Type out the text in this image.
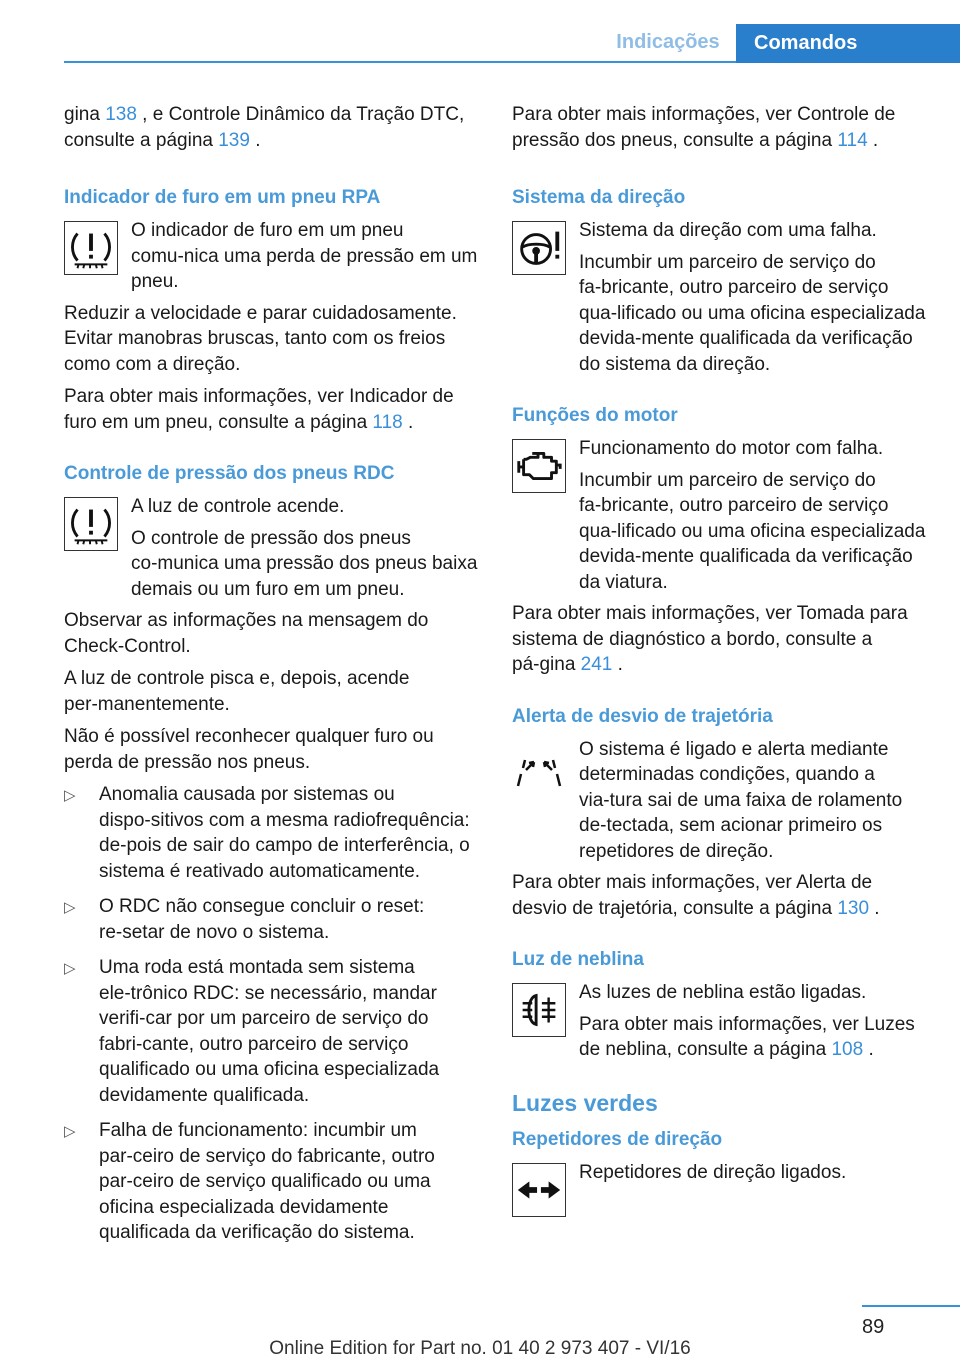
Indicações	Comandos

gina 138 , e Controle Dinâmico da Tração DTC, consulte a página 139 .

Indicador de furo em um pneu RPA

O indicador de furo em um pneu comu‑nica uma perda de pressão em um pneu.

Reduzir a velocidade e parar cuidadosamente. Evitar manobras bruscas, tanto com os freios como com a direção.

Para obter mais informações, ver Indicador de furo em um pneu, consulte a página 118 .

Controle de pressão dos pneus RDC

A luz de controle acende.

O controle de pressão dos pneus co‑munica uma pressão dos pneus baixa demais ou um furo em um pneu.

Observar as informações na mensagem do Check-Control.

A luz de controle pisca e, depois, acende per‑manentemente.

Não é possível reconhecer qualquer furo ou perda de pressão nos pneus.

▷ Anomalia causada por sistemas ou dispo‑sitivos com a mesma radiofrequência: de‑pois de sair do campo de interferência, o sistema é reativado automaticamente.
▷ O RDC não consegue concluir o reset: re‑setar de novo o sistema.
▷ Uma roda está montada sem sistema ele‑trônico RDC: se necessário, mandar verifi‑car por um parceiro de serviço do fabri‑cante, outro parceiro de serviço qualificado ou uma oficina especializada devidamente qualificada.
▷ Falha de funcionamento: incumbir um par‑ceiro de serviço do fabricante, outro par‑ceiro de serviço qualificado ou uma oficina especializada devidamente qualificada da verificação do sistema.

Para obter mais informações, ver Controle de pressão dos pneus, consulte a página 114 .

Sistema da direção

Sistema da direção com uma falha.

Incumbir um parceiro de serviço do fa‑bricante, outro parceiro de serviço qua‑lificado ou uma oficina especializada devida‑mente qualificada da verificação do sistema da direção.

Funções do motor

Funcionamento do motor com falha.

Incumbir um parceiro de serviço do fa‑bricante, outro parceiro de serviço qua‑lificado ou uma oficina especializada devida‑mente qualificada da verificação da viatura.

Para obter mais informações, ver Tomada para sistema de diagnóstico a bordo, consulte a pá‑gina 241 .

Alerta de desvio de trajetória

O sistema é ligado e alerta mediante determinadas condições, quando a via‑tura sai de uma faixa de rolamento de‑tectada, sem acionar primeiro os repetidores de direção.

Para obter mais informações, ver Alerta de desvio de trajetória, consulte a página 130 .

Luz de neblina

As luzes de neblina estão ligadas.

Para obter mais informações, ver Luzes de neblina, consulte a página 108 .

Luzes verdes
Repetidores de direção

Repetidores de direção ligados.

89
Online Edition for Part no. 01 40 2 973 407 - VI/16
